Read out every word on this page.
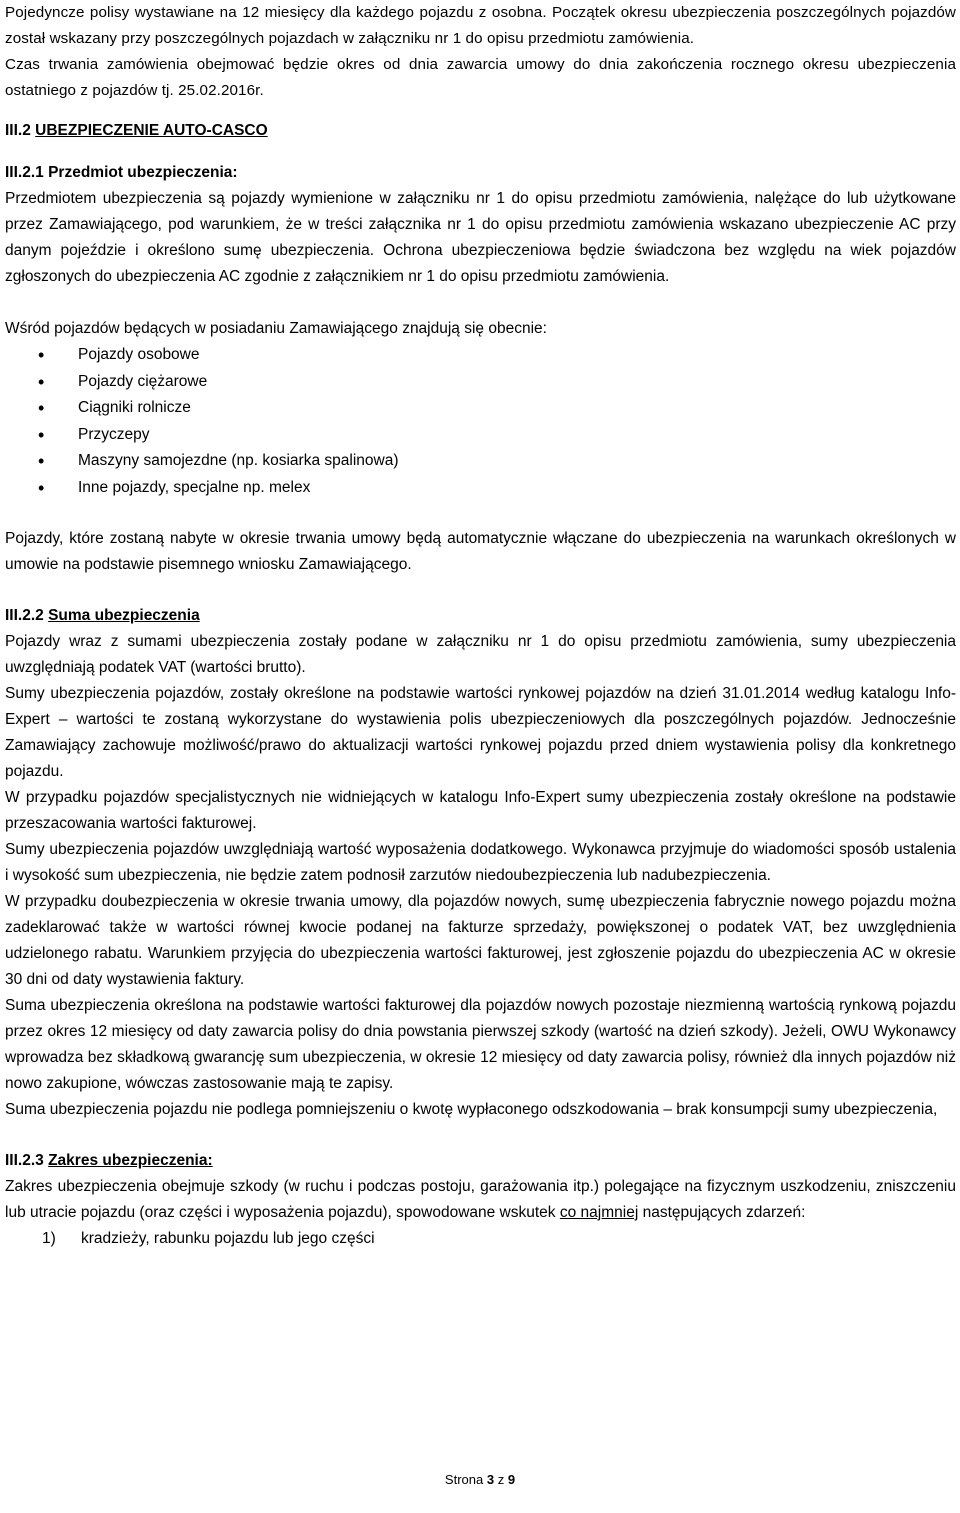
Pojedyncze polisy wystawiane na 12 miesięcy dla każdego pojazdu z osobna. Początek okresu ubezpieczenia poszczególnych pojazdów został wskazany przy poszczególnych pojazdach w załączniku nr 1 do opisu przedmiotu zamówienia.

Czas trwania zamówienia obejmować będzie okres od dnia zawarcia umowy do dnia zakończenia rocznego okresu ubezpieczenia ostatniego z pojazdów tj. 25.02.2016r.

III.2 UBEZPIECZENIE AUTO-CASCO

III.2.1 Przedmiot ubezpieczenia:

Przedmiotem ubezpieczenia są pojazdy wymienione w załączniku nr 1 do opisu przedmiotu zamówienia, nalężące do lub użytkowane przez Zamawiającego, pod warunkiem, że w treści załącznika nr 1 do opisu przedmiotu zamówienia wskazano ubezpieczenie AC przy danym pojeździe i określono sumę ubezpieczenia. Ochrona ubezpieczeniowa będzie świadczona bez względu na wiek pojazdów zgłoszonych do ubezpieczenia AC zgodnie z załącznikiem nr 1 do opisu przedmiotu zamówienia.

Wśród pojazdów będących w posiadaniu Zamawiającego znajdują się obecnie:

• Pojazdy osobowe
• Pojazdy ciężarowe
• Ciągniki rolnicze
• Przyczepy
• Maszyny samojezdne (np. kosiarka spalinowa)
• Inne pojazdy, specjalne np. melex

Pojazdy, które zostaną nabyte w okresie trwania umowy będą automatycznie włączane do ubezpieczenia na warunkach określonych w umowie na podstawie pisemnego wniosku Zamawiającego.

III.2.2 Suma ubezpieczenia

Pojazdy wraz z sumami ubezpieczenia zostały podane w załączniku nr 1 do opisu przedmiotu zamówienia, sumy ubezpieczenia uwzględniają podatek VAT (wartości brutto).

Sumy ubezpieczenia pojazdów, zostały określone na podstawie wartości rynkowej pojazdów na dzień 31.01.2014 według katalogu Info-Expert – wartości te zostaną wykorzystane do wystawienia polis ubezpieczeniowych dla poszczególnych pojazdów. Jednocześnie Zamawiający zachowuje możliwość/prawo do aktualizacji wartości rynkowej pojazdu przed dniem wystawienia polisy dla konkretnego pojazdu.

W przypadku pojazdów specjalistycznych nie widniejących w katalogu Info-Expert sumy ubezpieczenia zostały określone na podstawie przeszacowania wartości fakturowej.

Sumy ubezpieczenia pojazdów uwzględniają wartość wyposażenia dodatkowego. Wykonawca przyjmuje do wiadomości sposób ustalenia i wysokość sum ubezpieczenia, nie będzie zatem podnosił zarzutów niedoubezpieczenia lub nadubezpieczenia.

W przypadku doubezpieczenia w okresie trwania umowy, dla pojazdów nowych, sumę ubezpieczenia fabrycznie nowego pojazdu można zadeklarować także w wartości równej kwocie podanej na fakturze sprzedaży, powiększonej o podatek VAT, bez uwzględnienia udzielonego rabatu. Warunkiem przyjęcia do ubezpieczenia wartości fakturowej, jest zgłoszenie pojazdu do ubezpieczenia AC w okresie 30 dni od daty wystawienia faktury.

Suma ubezpieczenia określona na podstawie wartości fakturowej dla pojazdów nowych pozostaje niezmienną wartością rynkową pojazdu przez okres 12 miesięcy od daty zawarcia polisy do dnia powstania pierwszej szkody (wartość na dzień szkody). Jeżeli, OWU Wykonawcy wprowadza bez składkową gwarancję sum ubezpieczenia, w okresie 12 miesięcy od daty zawarcia polisy, również dla innych pojazdów niż nowo zakupione, wówczas zastosowanie mają te zapisy.

Suma ubezpieczenia pojazdu nie podlega pomniejszeniu o kwotę wypłaconego odszkodowania – brak konsumpcji sumy ubezpieczenia,

III.2.3 Zakres ubezpieczenia:

Zakres ubezpieczenia obejmuje szkody (w ruchu i podczas postoju, garażowania itp.) polegające na fizycznym uszkodzeniu, zniszczeniu lub utracie pojazdu (oraz części i wyposażenia pojazdu), spowodowane wskutek co najmniej następujących zdarzeń:

1) kradzieży, rabunku pojazdu lub jego części
Strona 3 z 9
